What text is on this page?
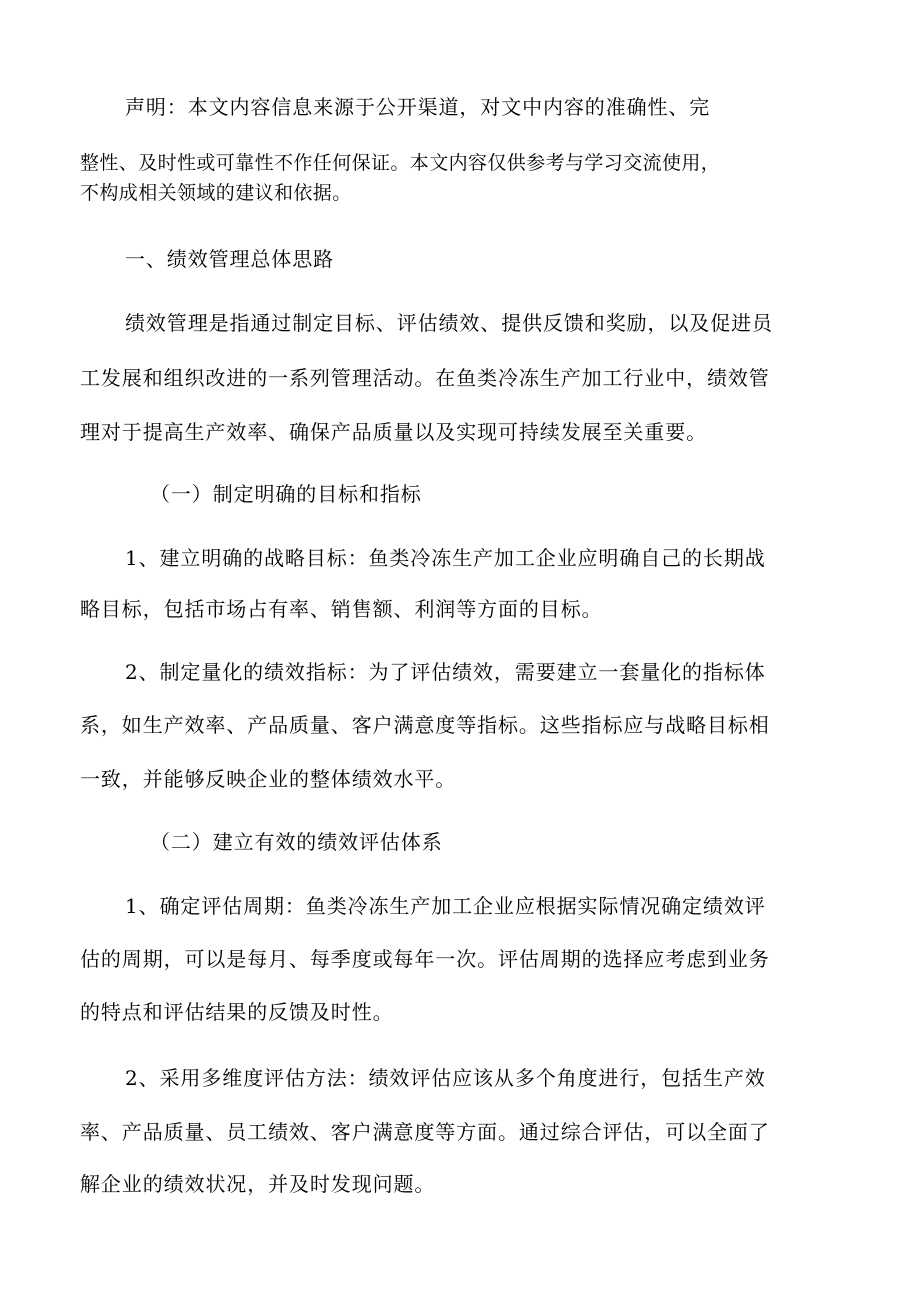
声明：本文内容信息来源于公开渠道，对文中内容的准确性、完
整性、及时性或可靠性不作任何保证。本文内容仅供参考与学习交流使用，
不构成相关领域的建议和依据。
一、绩效管理总体思路
绩效管理是指通过制定目标、评估绩效、提供反馈和奖励，以及促进员
工发展和组织改进的一系列管理活动。在鱼类冷冻生产加工行业中，绩效管
理对于提高生产效率、确保产品质量以及实现可持续发展至关重要。
（一）制定明确的目标和指标
1、建立明确的战略目标：鱼类冷冻生产加工企业应明确自己的长期战
略目标，包括市场占有率、销售额、利润等方面的目标。
2、制定量化的绩效指标：为了评估绩效，需要建立一套量化的指标体
系，如生产效率、产品质量、客户满意度等指标。这些指标应与战略目标相
一致，并能够反映企业的整体绩效水平。
（二）建立有效的绩效评估体系
1、确定评估周期：鱼类冷冻生产加工企业应根据实际情况确定绩效评
估的周期，可以是每月、每季度或每年一次。评估周期的选择应考虑到业务
的特点和评估结果的反馈及时性。
2、采用多维度评估方法：绩效评估应该从多个角度进行，包括生产效
率、产品质量、员工绩效、客户满意度等方面。通过综合评估，可以全面了
解企业的绩效状况，并及时发现问题。
